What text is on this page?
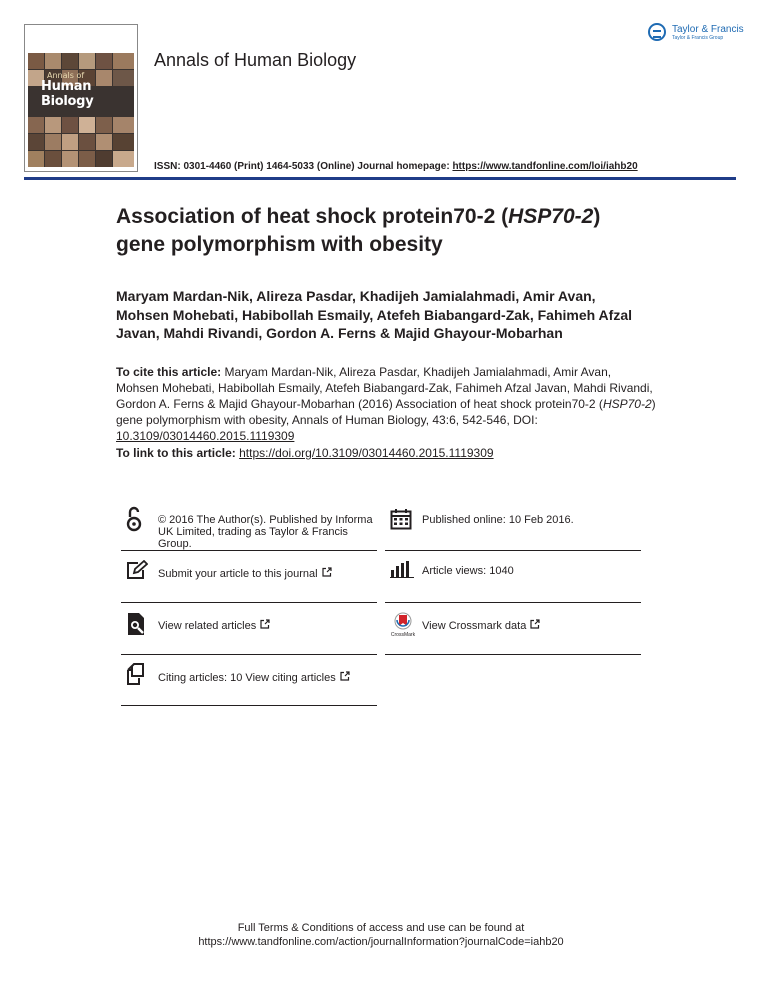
Annals of
Human Biology
Annals of Human Biology
Taylor & Francis
Taylor & Francis Group
ISSN: 0301-4460 (Print) 1464-5033 (Online) Journal homepage: https://www.tandfonline.com/loi/iahb20
Association of heat shock protein70-2 (HSP70-2)
gene polymorphism with obesity
Maryam Mardan-Nik, Alireza Pasdar, Khadijeh Jamialahmadi, Amir Avan, Mohsen Mohebati, Habibollah Esmaily, Atefeh Biabangard-Zak, Fahimeh Afzal Javan, Mahdi Rivandi, Gordon A. Ferns & Majid Ghayour-Mobarhan
To cite this article: Maryam Mardan-Nik, Alireza Pasdar, Khadijeh Jamialahmadi, Amir Avan, Mohsen Mohebati, Habibollah Esmaily, Atefeh Biabangard-Zak, Fahimeh Afzal Javan, Mahdi Rivandi, Gordon A. Ferns & Majid Ghayour-Mobarhan (2016) Association of heat shock protein70-2 (HSP70-2) gene polymorphism with obesity, Annals of Human Biology, 43:6, 542-546, DOI: 10.3109/03014460.2015.1119309
To link to this article: https://doi.org/10.3109/03014460.2015.1119309
© 2016 The Author(s). Published by Informa UK Limited, trading as Taylor & Francis Group.
Published online: 10 Feb 2016.
Submit your article to this journal	Article views: 1040
View related articles
CrossMark
View Crossmark data
Citing articles: 10 View citing articles
Full Terms & Conditions of access and use can be found at
https://www.tandfonline.com/action/journalInformation?journalCode=iahb20
